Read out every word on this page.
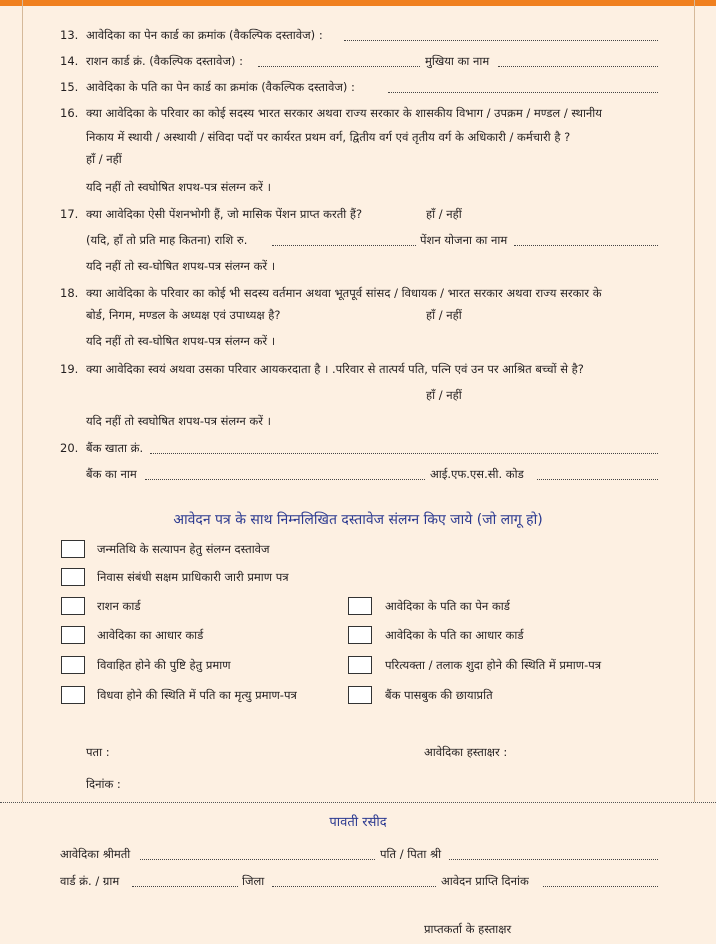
13. आवेदिका का पेन कार्ड का क्रमांक (वैकल्पिक दस्तावेज) :
14. राशन कार्ड क्रं. (वैकल्पिक दस्तावेज) :	मुखिया का नाम
15. आवेदिका के पति का पेन कार्ड का क्रमांक (वैकल्पिक दस्तावेज) :
16. क्या आवेदिका के परिवार का कोई सदस्य भारत सरकार अथवा राज्य सरकार के शासकीय विभाग / उपक्रम / मण्डल / स्थानीय
निकाय में स्थायी / अस्थायी / संविदा पदों पर कार्यरत प्रथम वर्ग, द्वितीय वर्ग एवं तृतीय वर्ग के अधिकारी / कर्मचारी है ?
हाँ / नहीं
यदि नहीं तो स्वघोषित शपथ-पत्र संलग्न करें ।
17. क्या आवेदिका ऐसी पेंशनभोगी हैं, जो मासिक पेंशन प्राप्त करती हैं?	हाँ / नहीं
(यदि, हाँ तो प्रति माह कितना) राशि रु.	पेंशन योजना का नाम
यदि नहीं तो स्व-घोषित शपथ-पत्र संलग्न करें ।
18. क्या आवेदिका के परिवार का कोई भी सदस्य वर्तमान अथवा भूतपूर्व सांसद / विधायक / भारत सरकार अथवा राज्य सरकार के
बोर्ड, निगम, मण्डल के अध्यक्ष एवं उपाध्यक्ष है?	हाँ / नहीं
यदि नहीं तो स्व-घोषित शपथ-पत्र संलग्न करें ।
19. क्या आवेदिका स्वयं अथवा उसका परिवार आयकरदाता है । .परिवार से तात्पर्य पति, पत्नि एवं उन पर आश्रित बच्चों से है?
हाँ / नहीं
यदि नहीं तो स्वघोषित शपथ-पत्र संलग्न करें ।
20. बैंक खाता क्रं.
बैंक का नाम	आई.एफ.एस.सी. कोड
आवेदन पत्र के साथ निम्नलिखित दस्तावेज संलग्न किए जाये (जो लागू हो)
जन्मतिथि के सत्यापन हेतु संलग्न दस्तावेज
निवास संबंधी सक्षम प्राधिकारी जारी प्रमाण पत्र
राशन कार्ड	आवेदिका के पति का पेन कार्ड
आवेदिका का आधार कार्ड	आवेदिका के पति का आधार कार्ड
विवाहित होने की पुष्टि हेतु प्रमाण	परित्यक्ता / तलाक शुदा होने की स्थिति में प्रमाण-पत्र
विधवा होने की स्थिति में पति का मृत्यु प्रमाण-पत्र	बैंक पासबुक की छायाप्रति
पता :	आवेदिका हस्ताक्षर :
दिनांक :
पावती रसीद
आवेदिका श्रीमती	पति / पिता श्री
वार्ड क्रं. / ग्राम	जिला	आवेदन प्राप्ति दिनांक
प्राप्तकर्ता के हस्ताक्षर
